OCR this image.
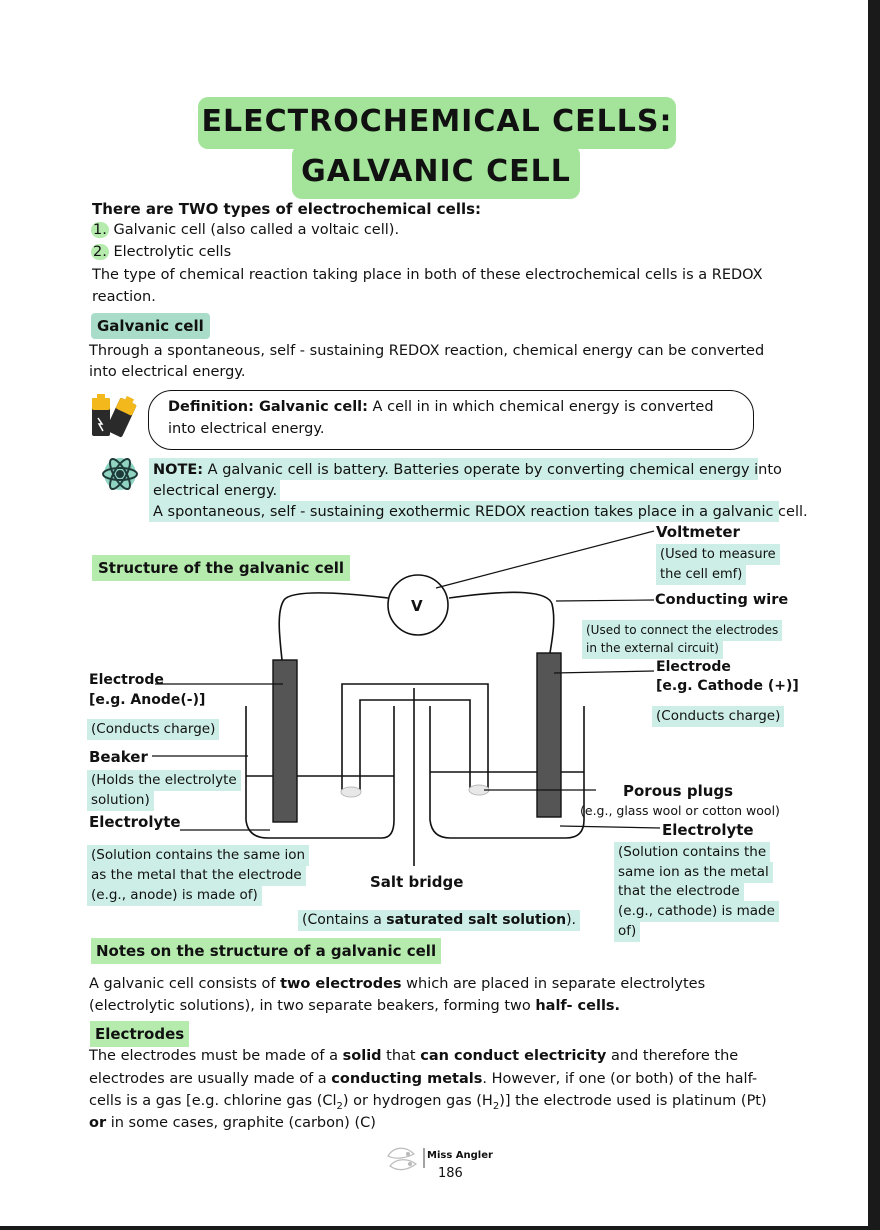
ELECTROCHEMICAL CELLS:
GALVANIC CELL
There are TWO types of electrochemical cells:
1. Galvanic cell (also called a voltaic cell).
2. Electrolytic cells
The type of chemical reaction taking place in both of these electrochemical cells is a REDOX
reaction.
Galvanic cell
Through a spontaneous, self - sustaining REDOX reaction, chemical energy can be converted
into electrical energy.
Definition: Galvanic cell: A cell in in which chemical energy is converted
into electrical energy.
NOTE: A galvanic cell is battery. Batteries operate by converting chemical energy into
electrical energy.
A spontaneous, self - sustaining exothermic REDOX reaction takes place in a galvanic cell.
V
Structure of the galvanic cell
Voltmeter
(Used to measure
the cell emf)
Conducting wire
(Used to connect the electrodes
in the external circuit)
Electrode
[e.g. Anode(-)]
(Conducts charge)
Electrode
[e.g. Cathode (+)]
(Conducts charge)
Beaker
(Holds the electrolyte
solution)
Electrolyte
(Solution contains the same ion
as the metal that the electrode
(e.g., anode) is made of)
Porous plugs
(e.g., glass wool or cotton wool)
Electrolyte
(Solution contains the
same ion as the metal
that the electrode
(e.g., cathode) is made
of)
Salt bridge
(Contains a saturated salt solution).
Notes on the structure of a galvanic cell
A galvanic cell consists of two electrodes which are placed in separate electrolytes
(electrolytic solutions), in two separate beakers, forming two half- cells.
Electrodes
The electrodes must be made of a solid that can conduct electricity and therefore the
electrodes are usually made of a conducting metals. However, if one (or both) of the half-
cells is a gas [e.g. chlorine gas $(Cl_2)$ or hydrogen gas $(H_2)$] the electrode used is platinum (Pt)
or in some cases, graphite (carbon) (C)
Miss Angler
186
